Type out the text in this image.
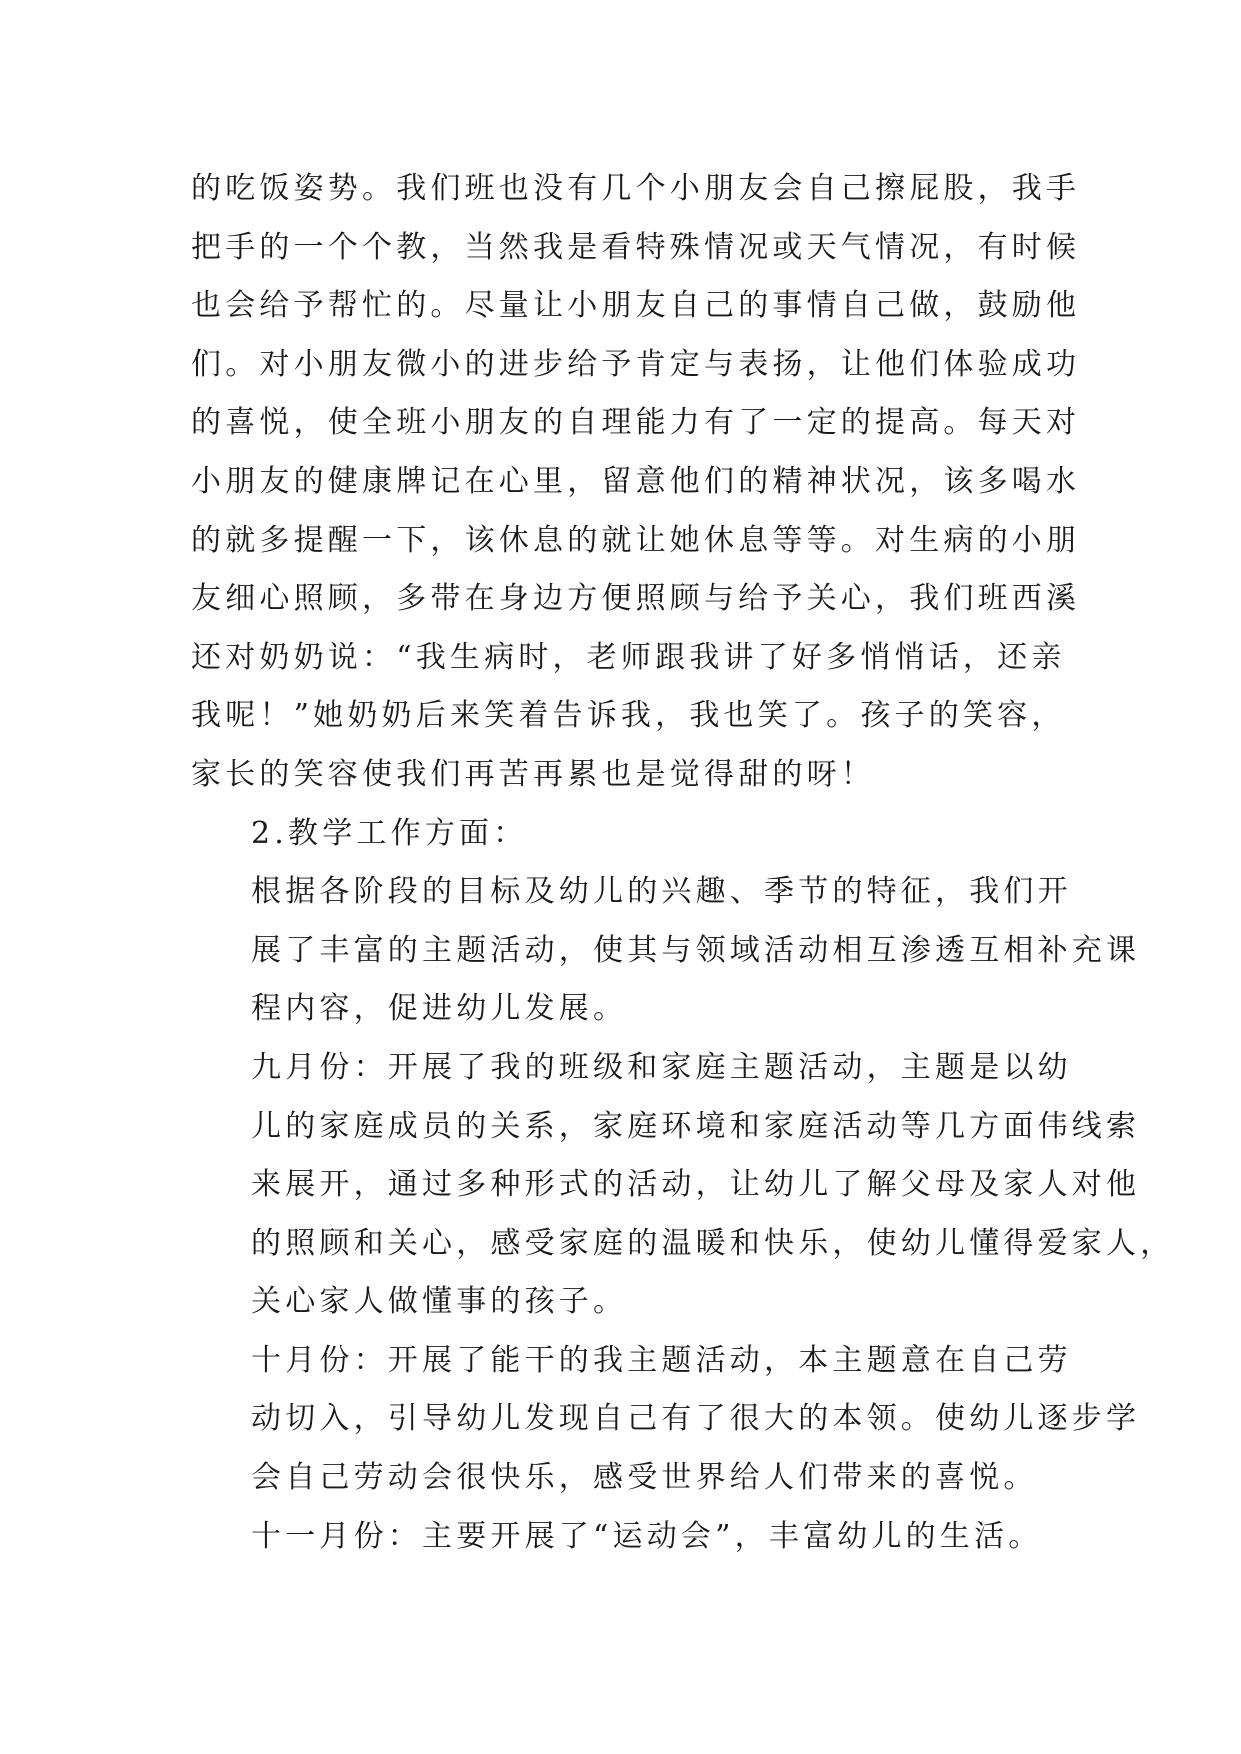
的吃饭姿势。我们班也没有几个小朋友会自己擦屁股，我手
把手的一个个教，当然我是看特殊情况或天气情况，有时候
也会给予帮忙的。尽量让小朋友自己的事情自己做，鼓励他
们。对小朋友微小的进步给予肯定与表扬，让他们体验成功
的喜悦，使全班小朋友的自理能力有了一定的提高。每天对
小朋友的健康牌记在心里，留意他们的精神状况，该多喝水
的就多提醒一下，该休息的就让她休息等等。对生病的小朋
友细心照顾，多带在身边方便照顾与给予关心，我们班西溪
还对奶奶说：“我生病时，老师跟我讲了好多悄悄话，还亲
我呢！”她奶奶后来笑着告诉我，我也笑了。孩子的笑容，
家长的笑容使我们再苦再累也是觉得甜的呀！

2.教学工作方面：

根据各阶段的目标及幼儿的兴趣、季节的特征，我们开
展了丰富的主题活动，使其与领域活动相互渗透互相补充课
程内容，促进幼儿发展。

九月份：开展了我的班级和家庭主题活动，主题是以幼
儿的家庭成员的关系，家庭环境和家庭活动等几方面伟线索
来展开，通过多种形式的活动，让幼儿了解父母及家人对他
的照顾和关心，感受家庭的温暖和快乐，使幼儿懂得爱家人，
关心家人做懂事的孩子。

十月份：开展了能干的我主题活动，本主题意在自己劳
动切入，引导幼儿发现自己有了很大的本领。使幼儿逐步学
会自己劳动会很快乐，感受世界给人们带来的喜悦。

十一月份：主要开展了“运动会”，丰富幼儿的生活。
